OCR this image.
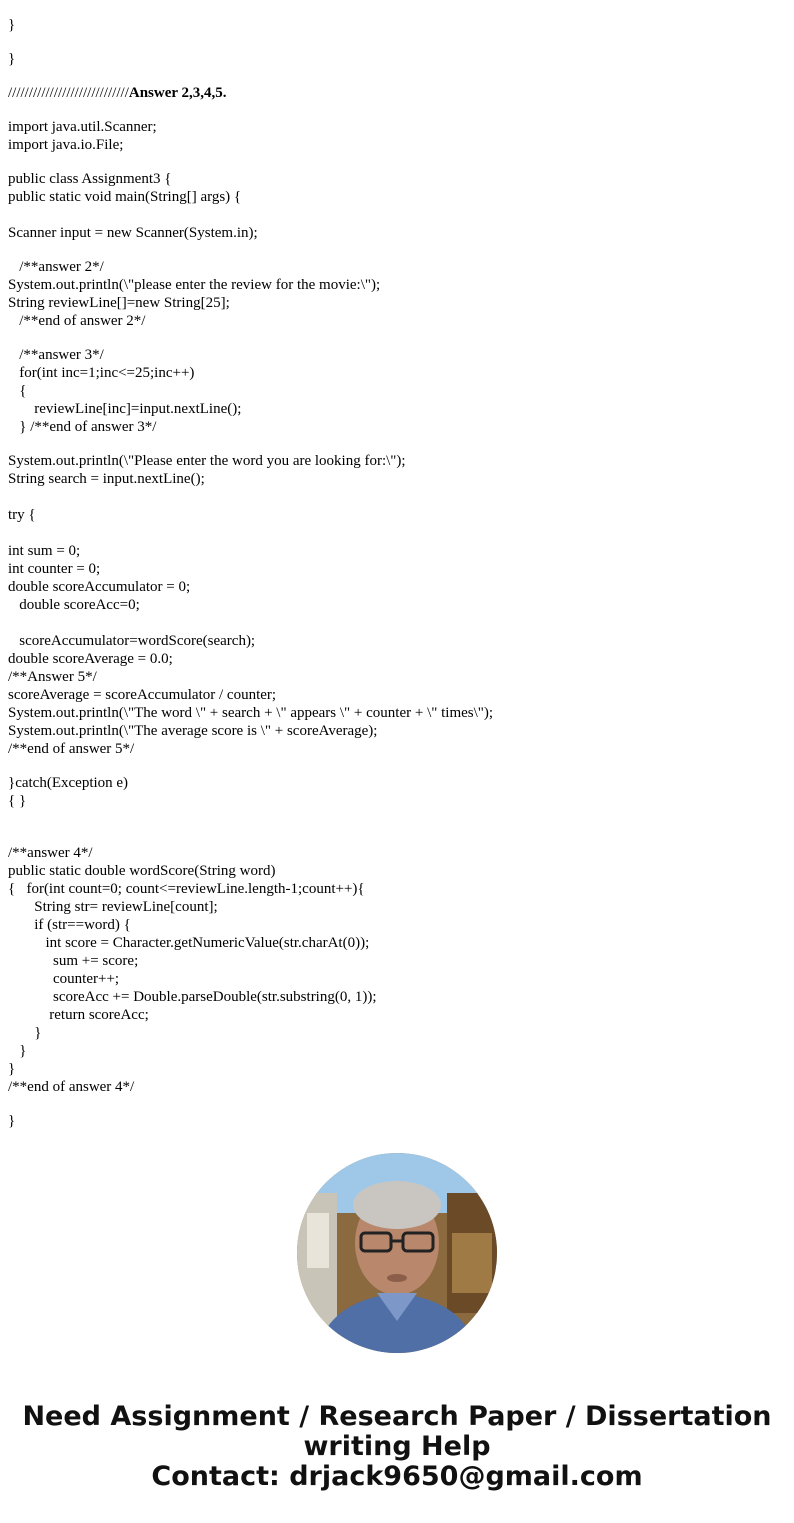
}
}
/////////////////////////////Answer 2,3,4,5.
import java.util.Scanner;
import java.io.File;
public class Assignment3 {
public static void main(String[] args) {
Scanner input = new Scanner(System.in);
/**answer 2*/
System.out.println(\"please enter the review for the movie:\");
String reviewLine[]=new String[25];
/**end of answer 2*/
/**answer 3*/
for(int inc=1;inc<=25;inc++)
{
reviewLine[inc]=input.nextLine();
} /**end of answer 3*/
System.out.println(\"Please enter the word you are looking for:\");
String search = input.nextLine();
try {
int sum = 0;
int counter = 0;
double scoreAccumulator = 0;
double scoreAcc=0;
scoreAccumulator=wordScore(search);
double scoreAverage = 0.0;
/**Answer 5*/
scoreAverage = scoreAccumulator / counter;
System.out.println(\"The word \" + search + \" appears \" + counter + \" times\");
System.out.println(\"The average score is \" + scoreAverage);
/**end of answer 5*/
}catch(Exception e)
{ }
/**answer 4*/
public static double wordScore(String word)
{   for(int count=0; count<=reviewLine.length-1;count++){
String str= reviewLine[count];
if (str==word) {
int score = Character.getNumericValue(str.charAt(0));
sum += score;
counter++;
scoreAcc += Double.parseDouble(str.substring(0, 1));
return scoreAcc;
}
}
}
/**end of answer 4*/
}
Need Assignment / Research Paper / Dissertation
writing Help
Contact: drjack9650@gmail.com
